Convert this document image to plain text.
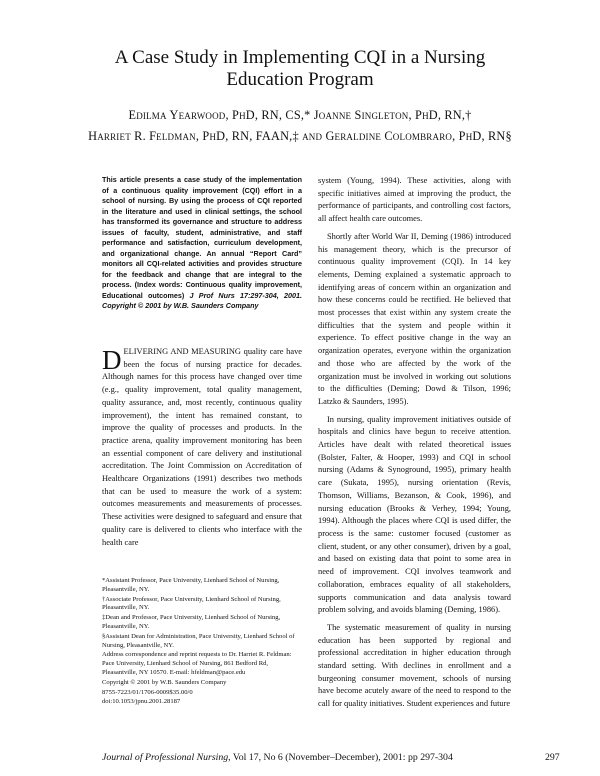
A Case Study in Implementing CQI in a Nursing
Education Program
Edilma Yearwood, PhD, RN, CS,* Joanne Singleton, PhD, RN,†
Harriet R. Feldman, PhD, RN, FAAN,‡ and Geraldine Colombraro, PhD, RN§
This article presents a case study of the implementation of a continuous quality improvement (CQI) effort in a school of nursing. By using the process of CQI reported in the literature and used in clinical settings, the school has transformed its governance and structure to address issues of faculty, student, administrative, and staff performance and satisfaction, curriculum development, and organizational change. An annual “Report Card” monitors all CQI-related activities and provides structure for the feedback and change that are integral to the process. (Index words: Continuous quality improvement, Educational outcomes) J Prof Nurs 17:297-304, 2001. Copyright © 2001 by W.B. Saunders Company

DELIVERING AND MEASURING quality care have been the focus of nursing practice for decades. Although names for this process have changed over time (e.g., quality improvement, total quality management, quality assurance, and, most recently, continuous quality improvement), the intent has remained constant, to improve the quality of processes and products. In the practice arena, quality improvement monitoring has been an essential component of care delivery and institutional accreditation. The Joint Commission on Accreditation of Healthcare Organizations (1991) describes two methods that can be used to measure the work of a system: outcomes measurements and measurements of processes. These activities were designed to safeguard and ensure that quality care is delivered to clients who interface with the health care

*Assistant Professor, Pace University, Lienhard School of Nursing, Pleasantville, NY.
†Associate Professor, Pace University, Lienhard School of Nursing, Pleasantville, NY.
‡Dean and Professor, Pace University, Lienhard School of Nursing, Pleasantville, NY.
§Assistant Dean for Administration, Pace University, Lienhard School of Nursing, Pleasantville, NY.
Address correspondence and reprint requests to Dr. Harriet R. Feldman: Pace University, Lienhard School of Nursing, 861 Bedford Rd, Pleasantville, NY 10570. E-mail: hfeldman@pace.edu
Copyright © 2001 by W.B. Saunders Company
8755-7223/01/1706-0009$35.00/0
doi:10.1053/jpnu.2001.28187

system (Young, 1994). These activities, along with specific initiatives aimed at improving the product, the performance of participants, and controlling cost factors, all affect health care outcomes.

Shortly after World War II, Deming (1986) introduced his management theory, which is the precursor of continuous quality improvement (CQI). In 14 key elements, Deming explained a systematic approach to identifying areas of concern within an organization and how these concerns could be rectified. He believed that most processes that exist within any system create the difficulties that the system and people within it experience. To effect positive change in the way an organization operates, everyone within the organization and those who are affected by the work of the organization must be involved in working out solutions to the difficulties (Deming; Dowd & Tilson, 1996; Latzko & Saunders, 1995).

In nursing, quality improvement initiatives outside of hospitals and clinics have begun to receive attention. Articles have dealt with related theoretical issues (Bolster, Falter, & Hooper, 1993) and CQI in school nursing (Adams & Synoground, 1995), primary health care (Sukata, 1995), nursing orientation (Revis, Thomson, Williams, Bezanson, & Cook, 1996), and nursing education (Brooks & Verhey, 1994; Young, 1994). Although the places where CQI is used differ, the process is the same: customer focused (customer as client, student, or any other consumer), driven by a goal, and based on existing data that point to some area in need of improvement. CQI involves teamwork and collaboration, embraces equality of all stakeholders, supports communication and data analysis toward problem solving, and avoids blaming (Deming, 1986).

The systematic measurement of quality in nursing education has been supported by regional and professional accreditation in higher education through standard setting. With declines in enrollment and a burgeoning consumer movement, schools of nursing have become acutely aware of the need to respond to the call for quality initiatives. Student experiences and future

Journal of Professional Nursing, Vol 17, No 6 (November–December), 2001: pp 297-304	297
